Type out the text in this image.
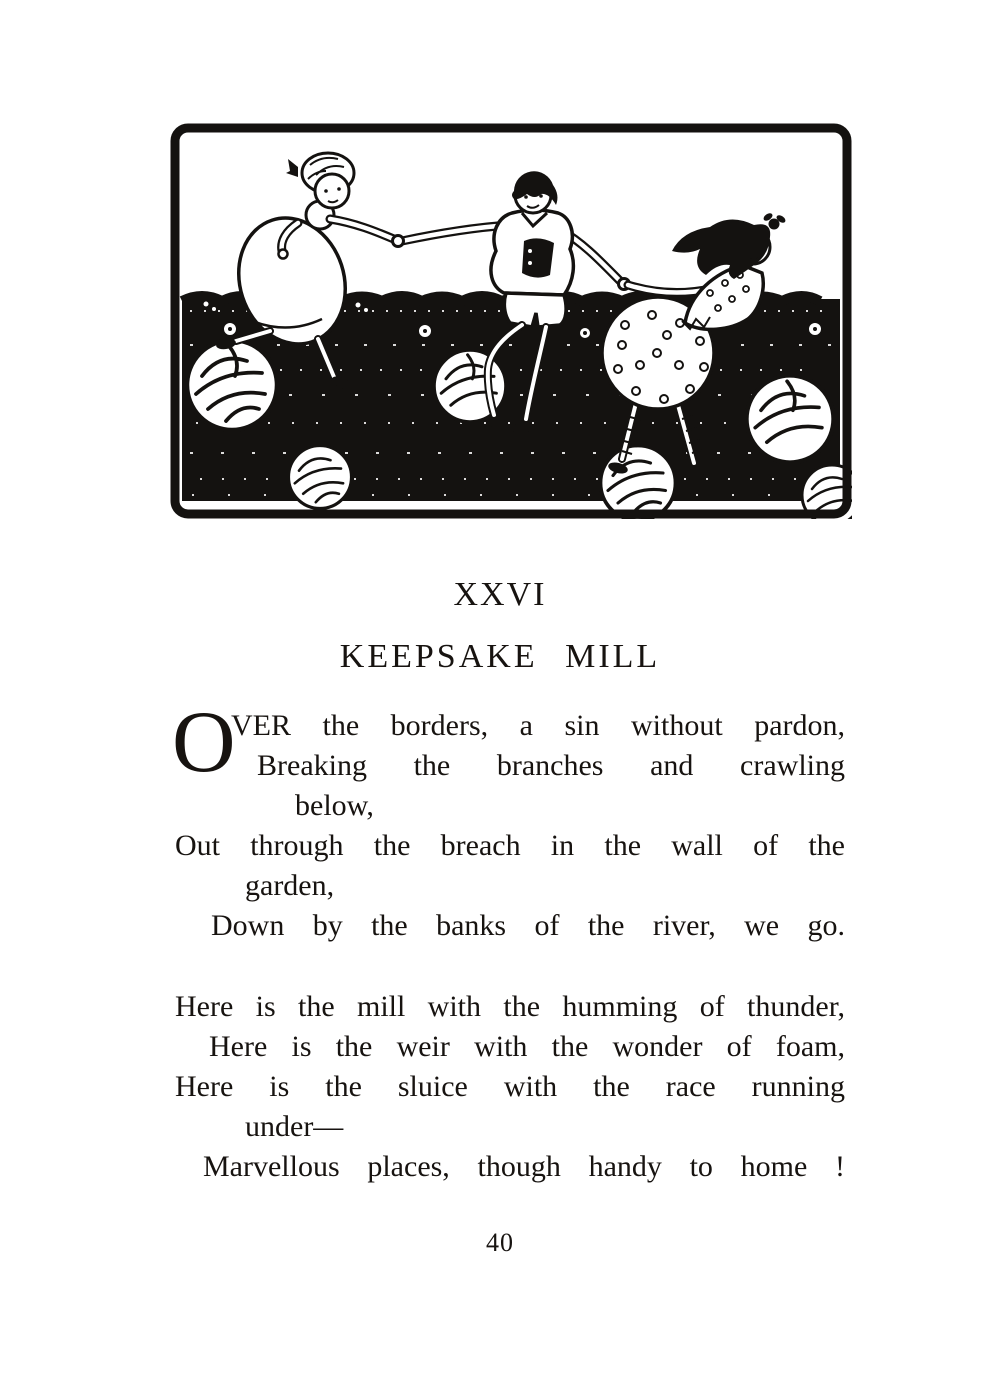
XXVI
KEEPSAKE MILL
O
VER the borders, a sin without pardon,
Breaking the branches and crawling
below,
Out through the breach in the wall of the
garden,
Down by the banks of the river, we go.
Here is the mill with the humming of thunder,
Here is the weir with the wonder of foam,
Here is the sluice with the race running
under—
Marvellous places, though handy to home !
40
